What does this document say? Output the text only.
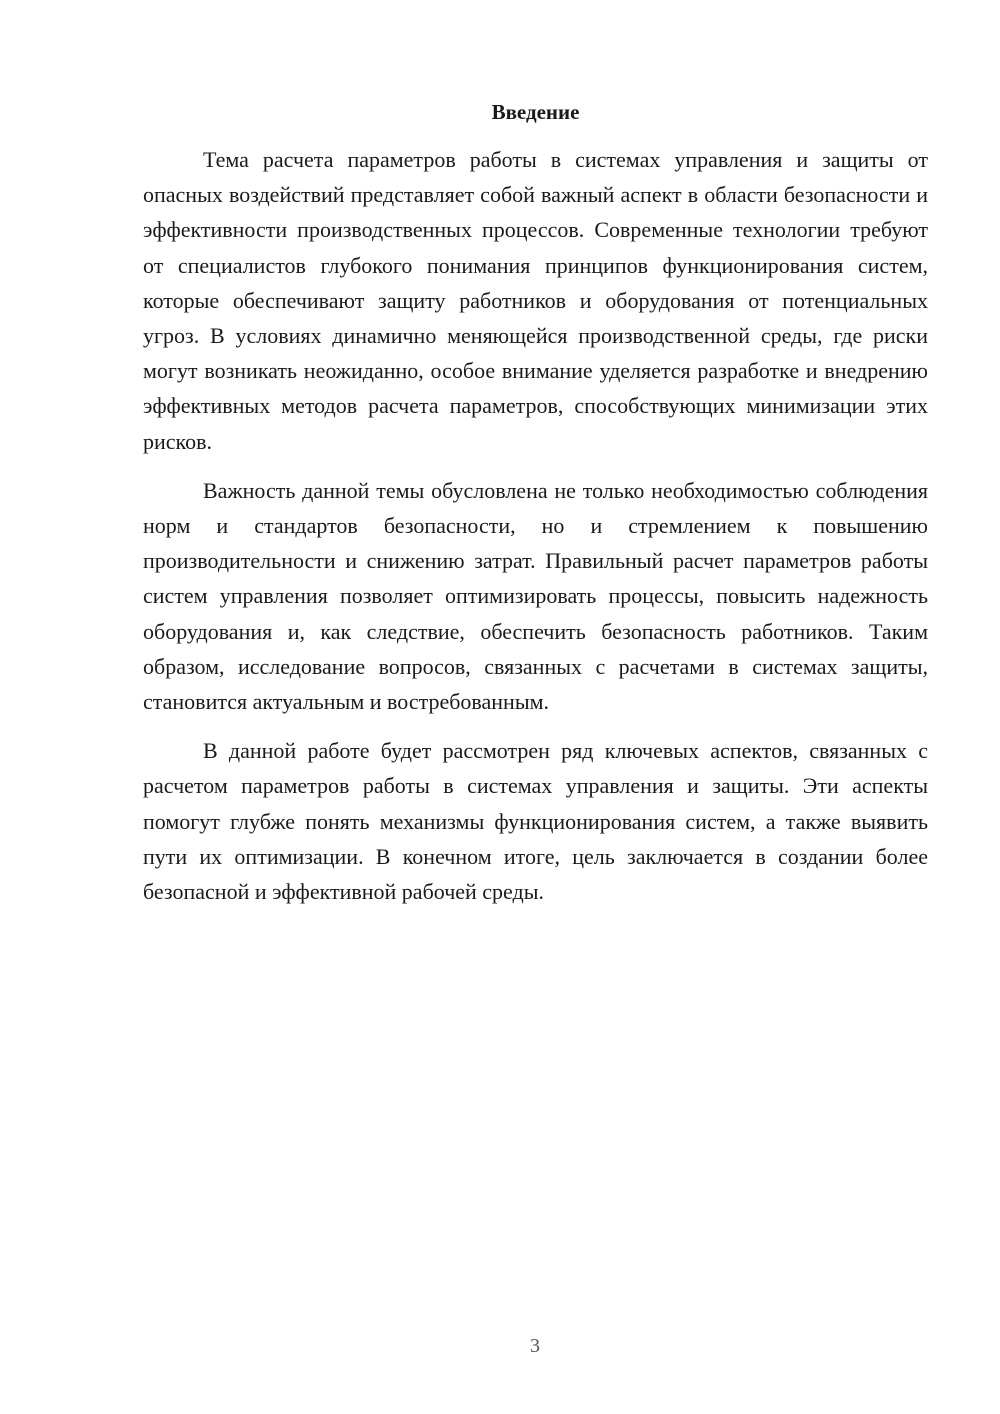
Введение

Тема расчета параметров работы в системах управления и защиты от опасных воздействий представляет собой важный аспект в области безопасности и эффективности производственных процессов. Современные технологии требуют от специалистов глубокого понимания принципов функционирования систем, которые обеспечивают защиту работников и оборудования от потенциальных угроз. В условиях динамично меняющейся производственной среды, где риски могут возникать неожиданно, особое внимание уделяется разработке и внедрению эффективных методов расчета параметров, способствующих минимизации этих рисков.

Важность данной темы обусловлена не только необходимостью соблюдения норм и стандартов безопасности, но и стремлением к повышению производительности и снижению затрат. Правильный расчет параметров работы систем управления позволяет оптимизировать процессы, повысить надежность оборудования и, как следствие, обеспечить безопасность работников. Таким образом, исследование вопросов, связанных с расчетами в системах защиты, становится актуальным и востребованным.

В данной работе будет рассмотрен ряд ключевых аспектов, связанных с расчетом параметров работы в системах управления и защиты. Эти аспекты помогут глубже понять механизмы функционирования систем, а также выявить пути их оптимизации. В конечном итоге, цель заключается в создании более безопасной и эффективной рабочей среды.

3
